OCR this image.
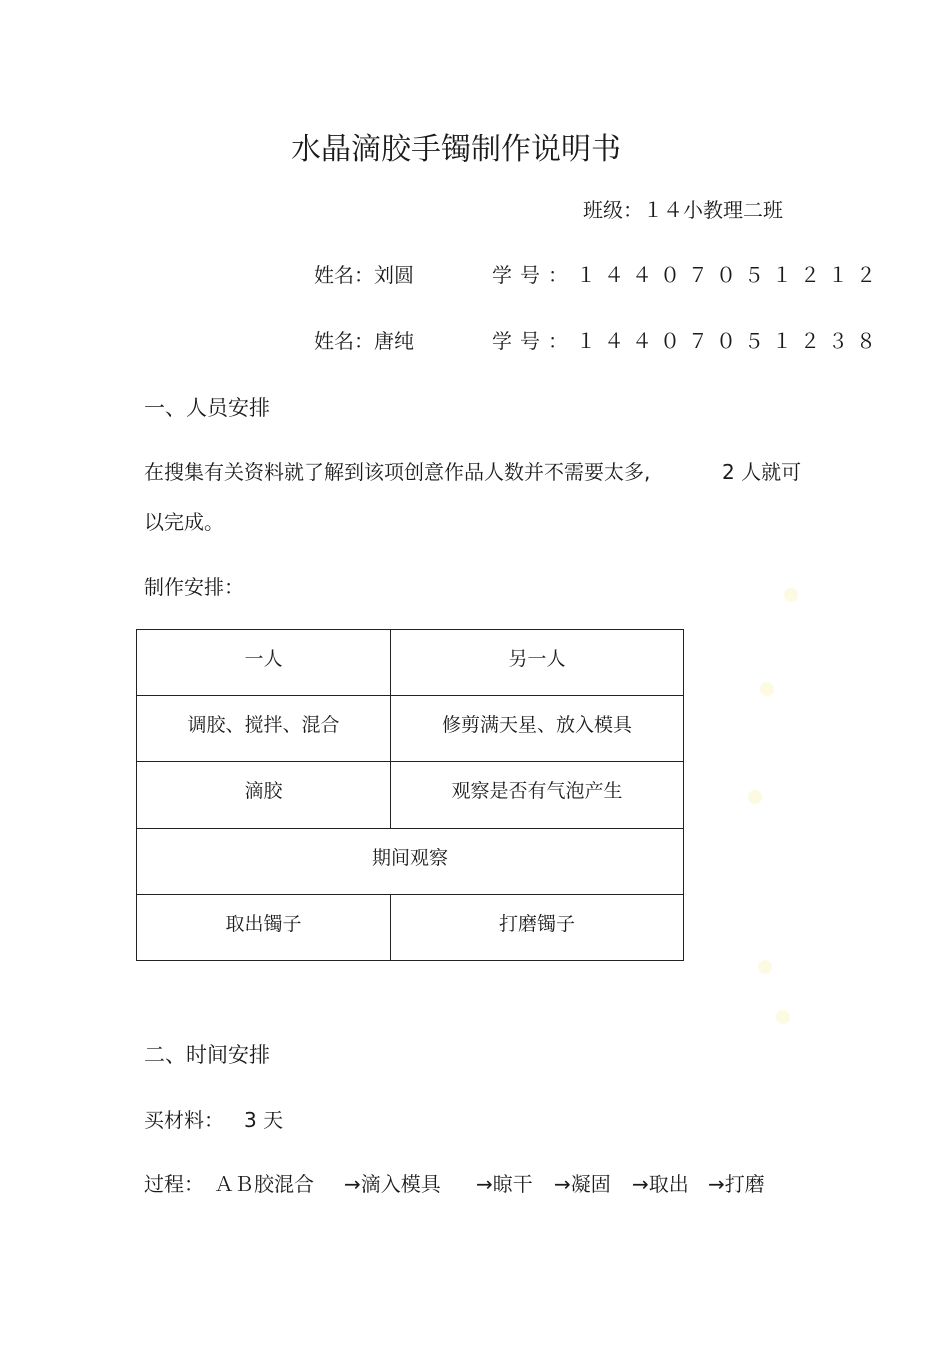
水晶滴胶手镯制作说明书
班级：１４小教理二班
姓名：刘圆	学号：１４４０７０５１２１２
姓名：唐纯	学号：１４４０７０５１２３８
一、人员安排
在搜集有关资料就了解到该项创意作品人数并不需要太多,	2 人就可
以完成。
制作安排：
一人	另一人
调胶、搅拌、混合	修剪满天星、放入模具
滴胶	观察是否有气泡产生
期间观察	
取出镯子	打磨镯子
二、时间安排
买材料： 3 天
过程： ＡＢ胶混合 →滴入模具 →晾干 →凝固 →取出 →打磨
